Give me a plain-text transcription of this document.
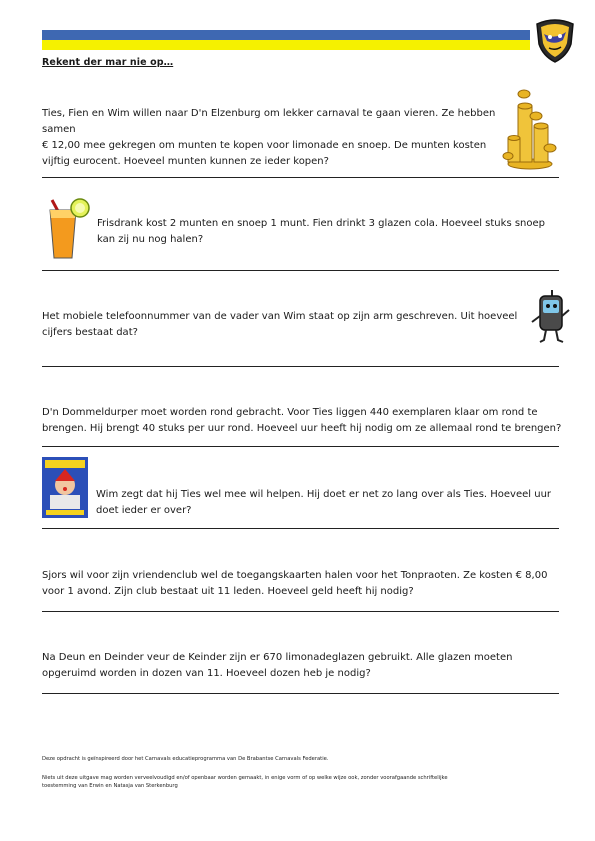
Rekent der mar nie op…

Ties, Fien en Wim willen naar D'n Elzenburg om lekker carnaval te gaan vieren. Ze hebben

samen

€ 12,00 mee gekregen om munten te kopen voor limonade en snoep. De munten kosten

vijftig eurocent. Hoeveel munten kunnen ze ieder kopen?

Frisdrank kost 2 munten en snoep 1 munt. Fien drinkt 3 glazen cola. Hoeveel stuks snoep

kan zij nu nog halen?

Het mobiele telefoonnummer van de vader van Wim staat op zijn arm geschreven. Uit hoeveel

cijfers bestaat dat?

D'n Dommeldurper moet worden rond gebracht. Voor Ties liggen 440 exemplaren klaar om rond te

brengen. Hij brengt 40 stuks per uur rond. Hoeveel uur heeft hij nodig om ze allemaal rond te brengen?

Wim zegt dat hij Ties wel mee wil helpen. Hij doet er net zo lang over als Ties. Hoeveel uur

doet ieder er over?

Sjors wil voor zijn vriendenclub wel de toegangskaarten halen voor het Tonpraoten. Ze kosten € 8,00

voor 1 avond. Zijn club bestaat uit 11 leden. Hoeveel geld heeft hij nodig?

Na Deun en Deinder veur de Keinder zijn er 670 limonadeglazen gebruikt. Alle glazen moeten

opgeruimd worden in dozen van 11. Hoeveel dozen heb je nodig?

Deze opdracht is geïnspireerd door het Carnavals educatieprogramma van De Brabantse Carnavals Federatie.
Niets uit deze uitgave mag worden verveelvoudigd en/of openbaar worden gemaakt, in enige vorm of op welke wijze ook, zonder voorafgaande schriftelijke
toestemming van Erwin en Natasja van Sterkenburg
